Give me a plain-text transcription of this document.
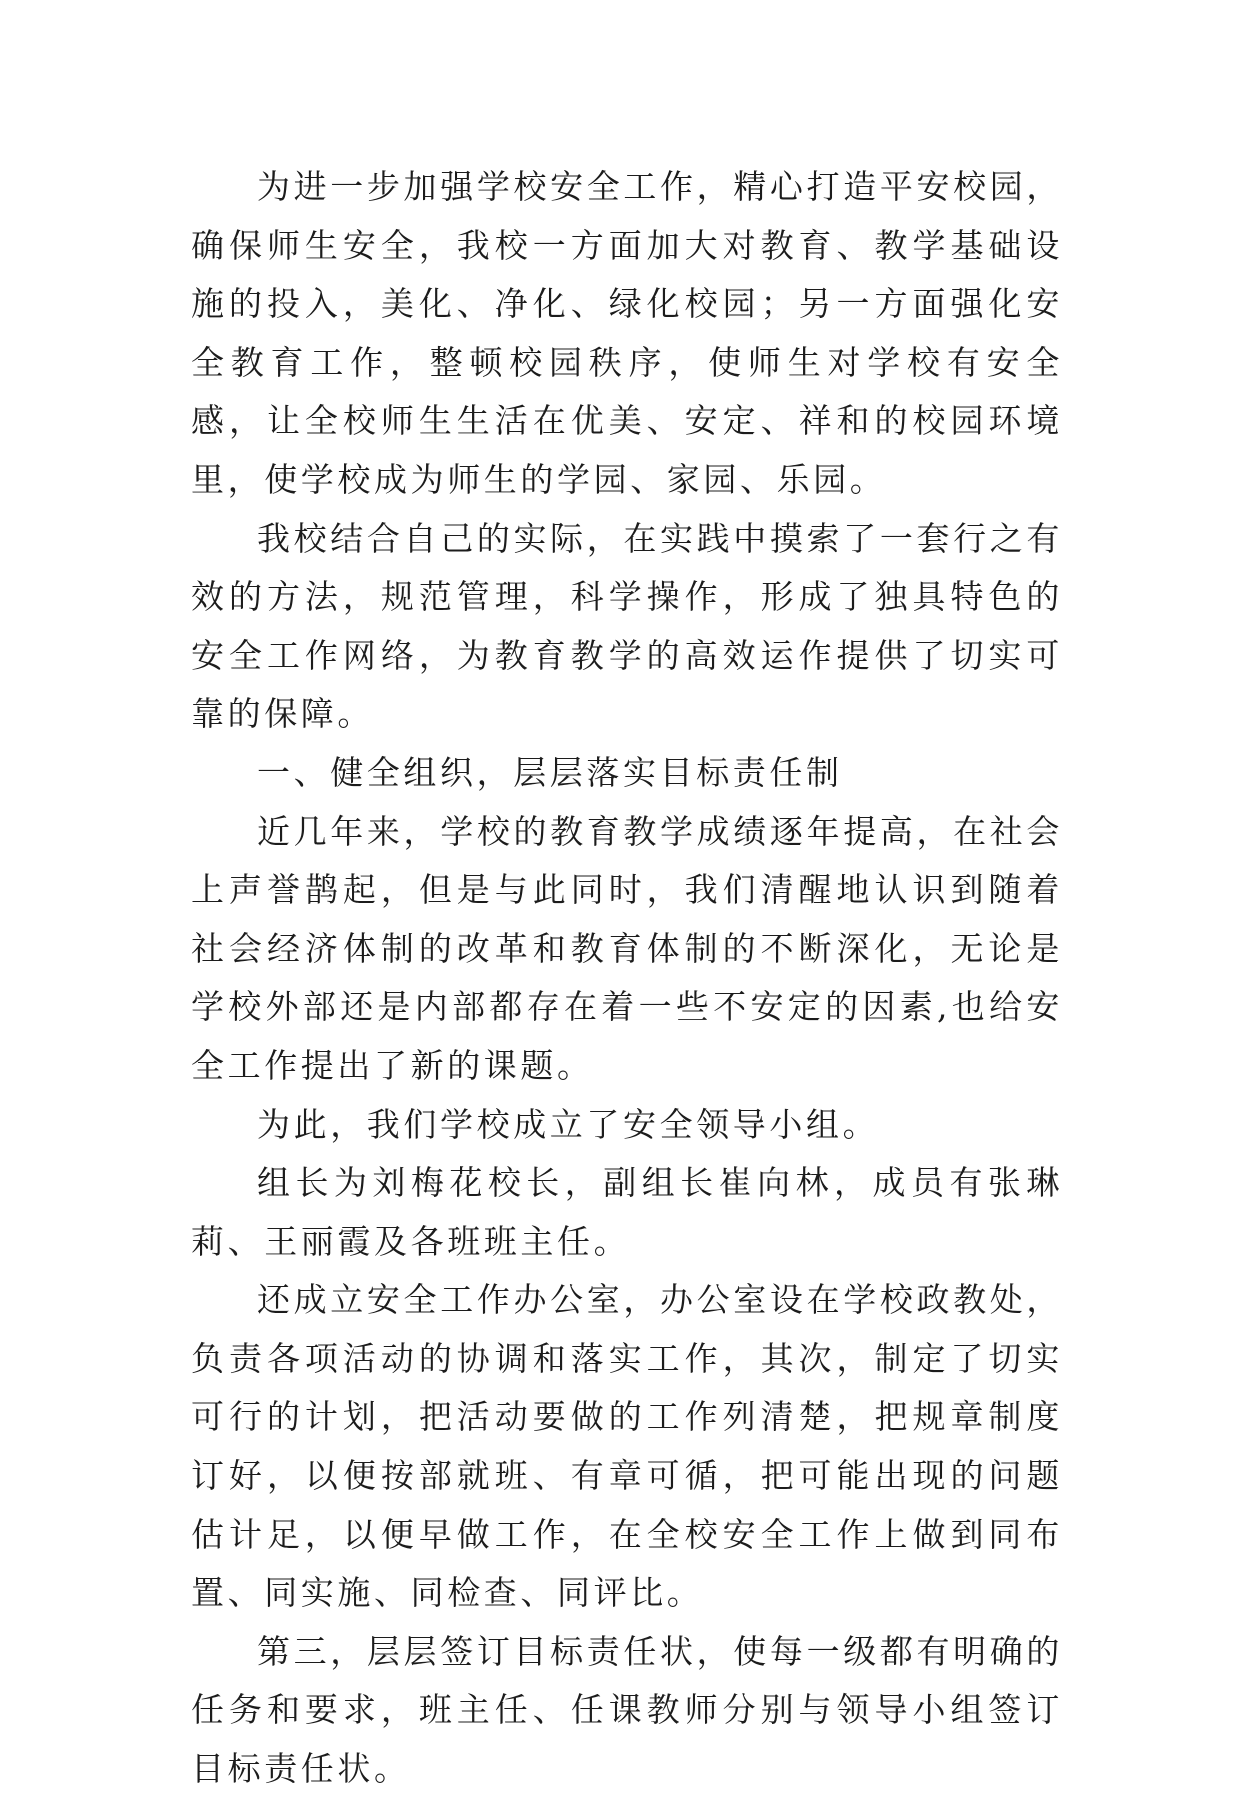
为进一步加强学校安全工作，精心打造平安校园，确保师生安全，我校一方面加大对教育、教学基础设施的投入，美化、净化、绿化校园；另一方面强化安全教育工作，整顿校园秩序，使师生对学校有安全感，让全校师生生活在优美、安定、祥和的校园环境里，使学校成为师生的学园、家园、乐园。

我校结合自己的实际，在实践中摸索了一套行之有效的方法，规范管理，科学操作，形成了独具特色的安全工作网络，为教育教学的高效运作提供了切实可靠的保障。

一、健全组织，层层落实目标责任制

近几年来，学校的教育教学成绩逐年提高，在社会上声誉鹊起，但是与此同时，我们清醒地认识到随着社会经济体制的改革和教育体制的不断深化，无论是学校外部还是内部都存在着一些不安定的因素,也给安全工作提出了新的课题。

为此，我们学校成立了安全领导小组。

组长为刘梅花校长，副组长崔向林，成员有张琳莉、王丽霞及各班班主任。

还成立安全工作办公室，办公室设在学校政教处，负责各项活动的协调和落实工作，其次，制定了切实可行的计划，把活动要做的工作列清楚，把规章制度订好，以便按部就班、有章可循，把可能出现的问题估计足，以便早做工作，在全校安全工作上做到同布置、同实施、同检查、同评比。

第三，层层签订目标责任状，使每一级都有明确的任务和要求，班主任、任课教师分别与领导小组签订目标责任状。
